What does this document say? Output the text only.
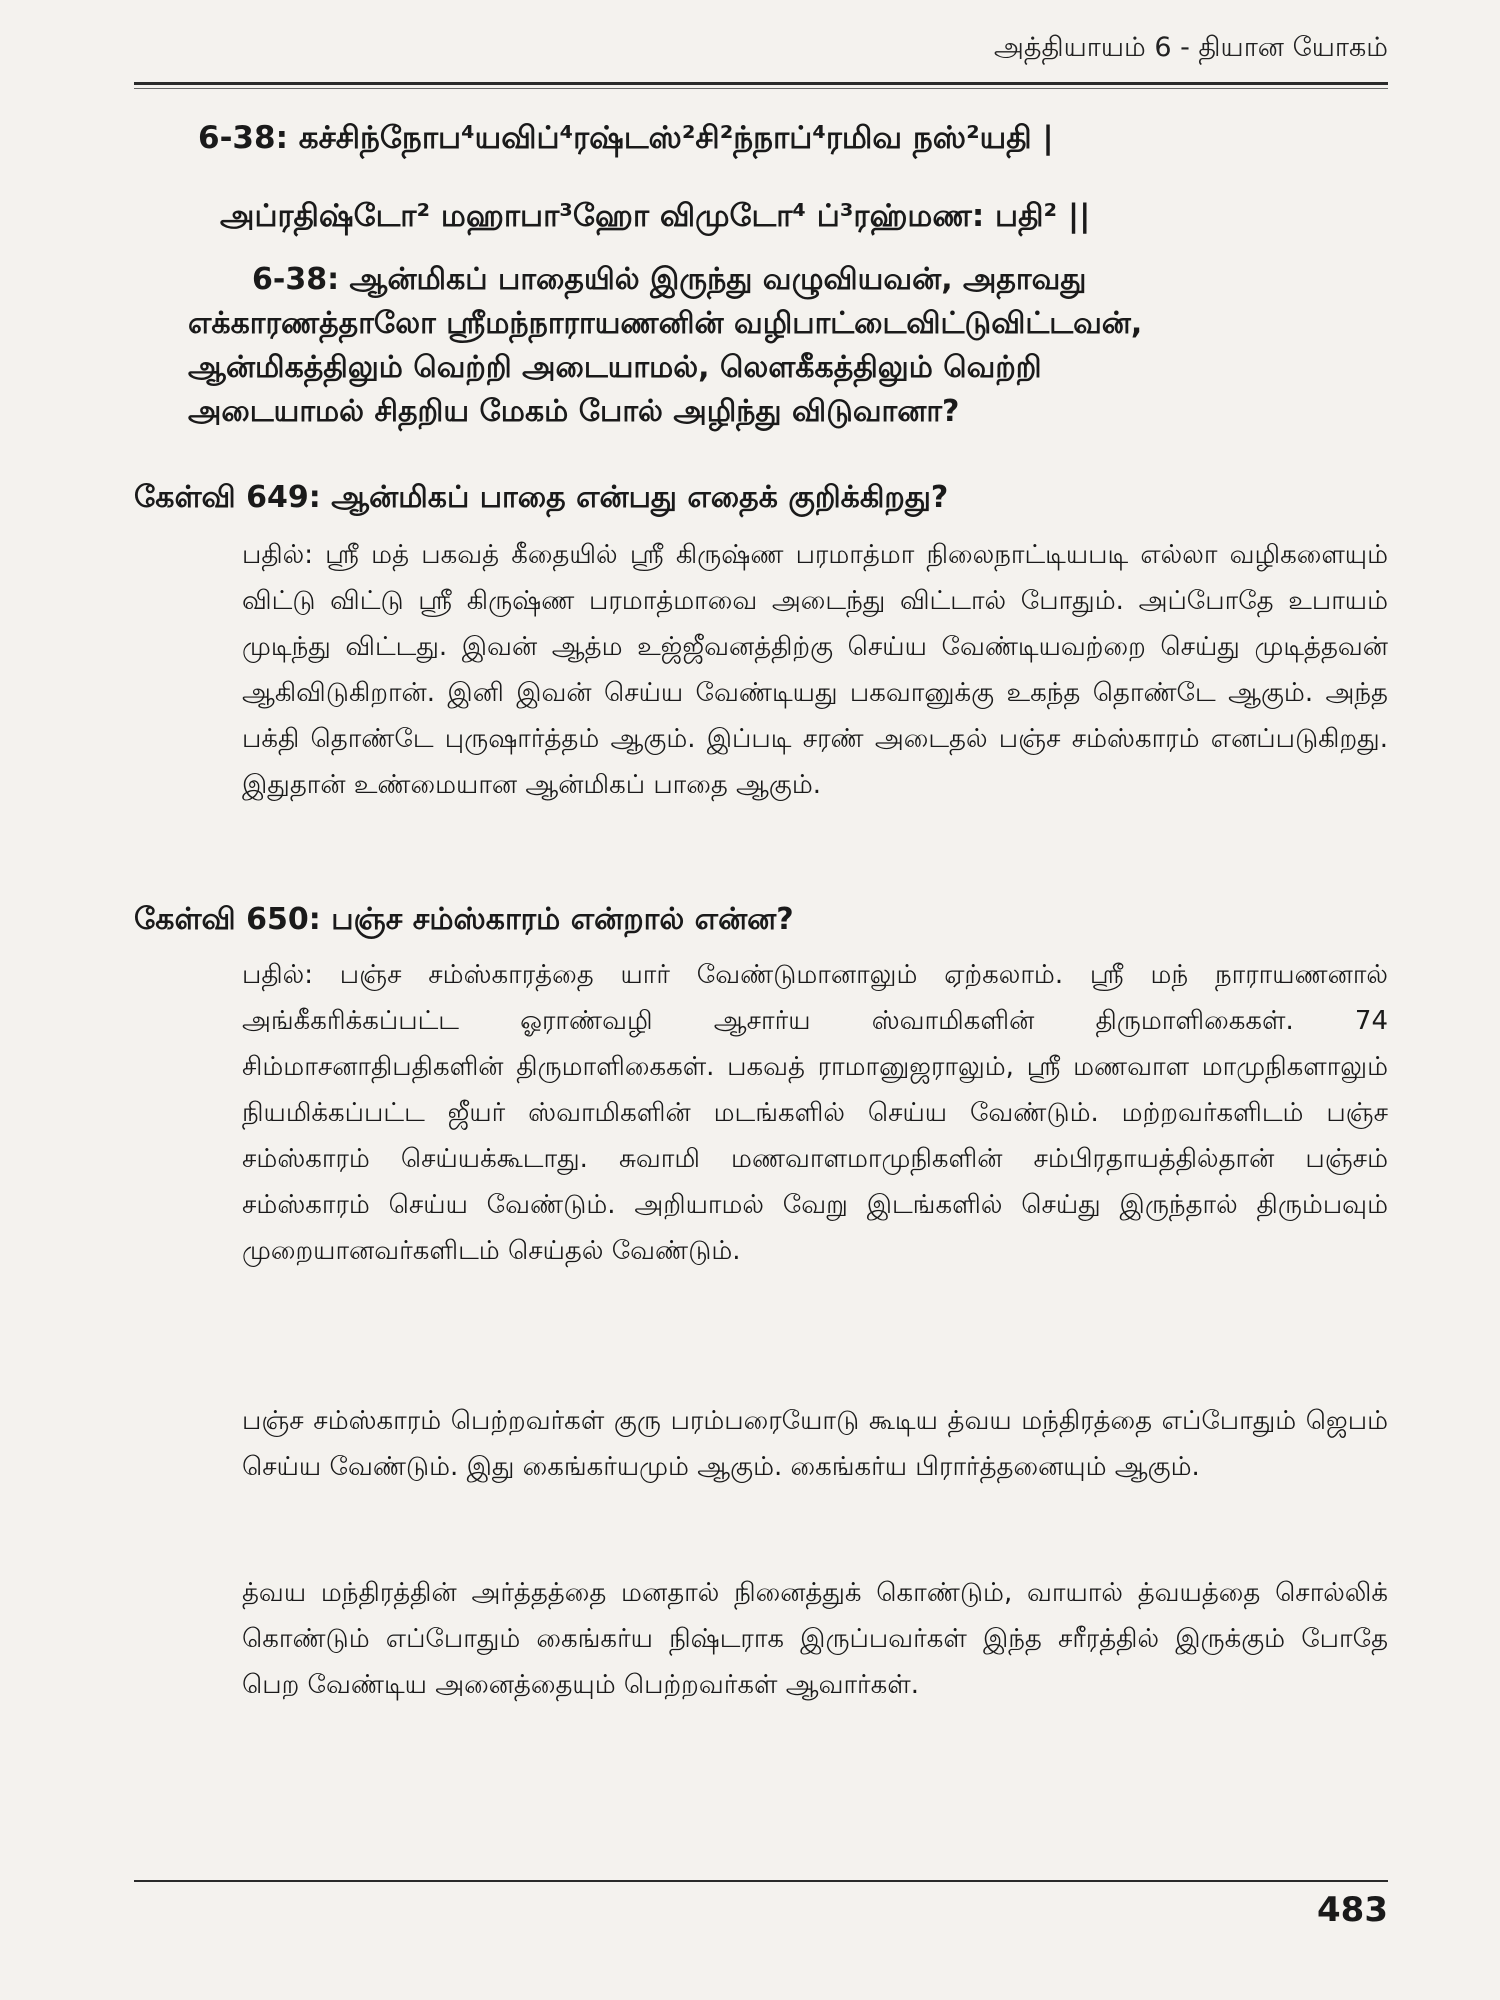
அத்தியாயம் 6 - தியான யோகம்
6-38: கச்சிந்நோப⁴யவிப்⁴ரஷ்டஸ்²சி²ந்நாப்⁴ரமிவ நஸ்²யதி |
அப்ரதிஷ்டோ² மஹாபா³ஹோ விமுடோ⁴ ப்³ரஹ்மண: பதி² ||

6-38: ஆன்மிகப் பாதையில் இருந்து வழுவியவன், அதாவது

எக்காரணத்தாலோ ஸ்ரீமந்நாராயணனின் வழிபாட்டைவிட்டுவிட்டவன்,

ஆன்மிகத்திலும் வெற்றி அடையாமல், லௌகீகத்திலும் வெற்றி

அடையாமல் சிதறிய மேகம் போல் அழிந்து விடுவானா?

கேள்வி 649: ஆன்மிகப் பாதை என்பது எதைக் குறிக்கிறது?

பதில்: ஸ்ரீ மத் பகவத் கீதையில் ஸ்ரீ கிருஷ்ண பரமாத்மா நிலைநாட்டியபடி எல்லா வழிகளையும் விட்டு விட்டு ஸ்ரீ கிருஷ்ண பரமாத்மாவை அடைந்து விட்டால் போதும். அப்போதே உபாயம் முடிந்து விட்டது. இவன் ஆத்ம உஜ்ஜீவனத்திற்கு செய்ய வேண்டியவற்றை செய்து முடித்தவன் ஆகிவிடுகிறான். இனி இவன் செய்ய வேண்டியது பகவானுக்கு உகந்த தொண்டே ஆகும். அந்த பக்தி தொண்டே புருஷார்த்தம் ஆகும். இப்படி சரண் அடைதல் பஞ்ச சம்ஸ்காரம் எனப்படுகிறது. இதுதான் உண்மையான ஆன்மிகப் பாதை ஆகும்.

கேள்வி 650: பஞ்ச சம்ஸ்காரம் என்றால் என்ன?

பதில்: பஞ்ச சம்ஸ்காரத்தை யார் வேண்டுமானாலும் ஏற்கலாம். ஸ்ரீ மந் நாராயணனால் அங்கீகரிக்கப்பட்ட ஓராண்வழி ஆசார்ய ஸ்வாமிகளின் திருமாளிகைகள். 74 சிம்மாசனாதிபதிகளின் திருமாளிகைகள். பகவத் ராமானுஜராலும், ஸ்ரீ மணவாள மாமுநிகளாலும் நியமிக்கப்பட்ட ஜீயர் ஸ்வாமிகளின் மடங்களில் செய்ய வேண்டும். மற்றவர்களிடம் பஞ்ச சம்ஸ்காரம் செய்யக்கூடாது. சுவாமி மணவாளமாமுநிகளின் சம்பிரதாயத்தில்தான் பஞ்சம் சம்ஸ்காரம் செய்ய வேண்டும். அறியாமல் வேறு இடங்களில் செய்து இருந்தால் திரும்பவும் முறையானவர்களிடம் செய்தல் வேண்டும்.

பஞ்ச சம்ஸ்காரம் பெற்றவர்கள் குரு பரம்பரையோடு கூடிய த்வய மந்திரத்தை எப்போதும் ஜெபம் செய்ய வேண்டும். இது கைங்கர்யமும் ஆகும். கைங்கர்ய பிரார்த்தனையும் ஆகும்.

த்வய மந்திரத்தின் அர்த்தத்தை மனதால் நினைத்துக் கொண்டும், வாயால் த்வயத்தை சொல்லிக் கொண்டும் எப்போதும் கைங்கர்ய நிஷ்டராக இருப்பவர்கள் இந்த சரீரத்தில் இருக்கும் போதே பெற வேண்டிய அனைத்தையும் பெற்றவர்கள் ஆவார்கள்.

483
